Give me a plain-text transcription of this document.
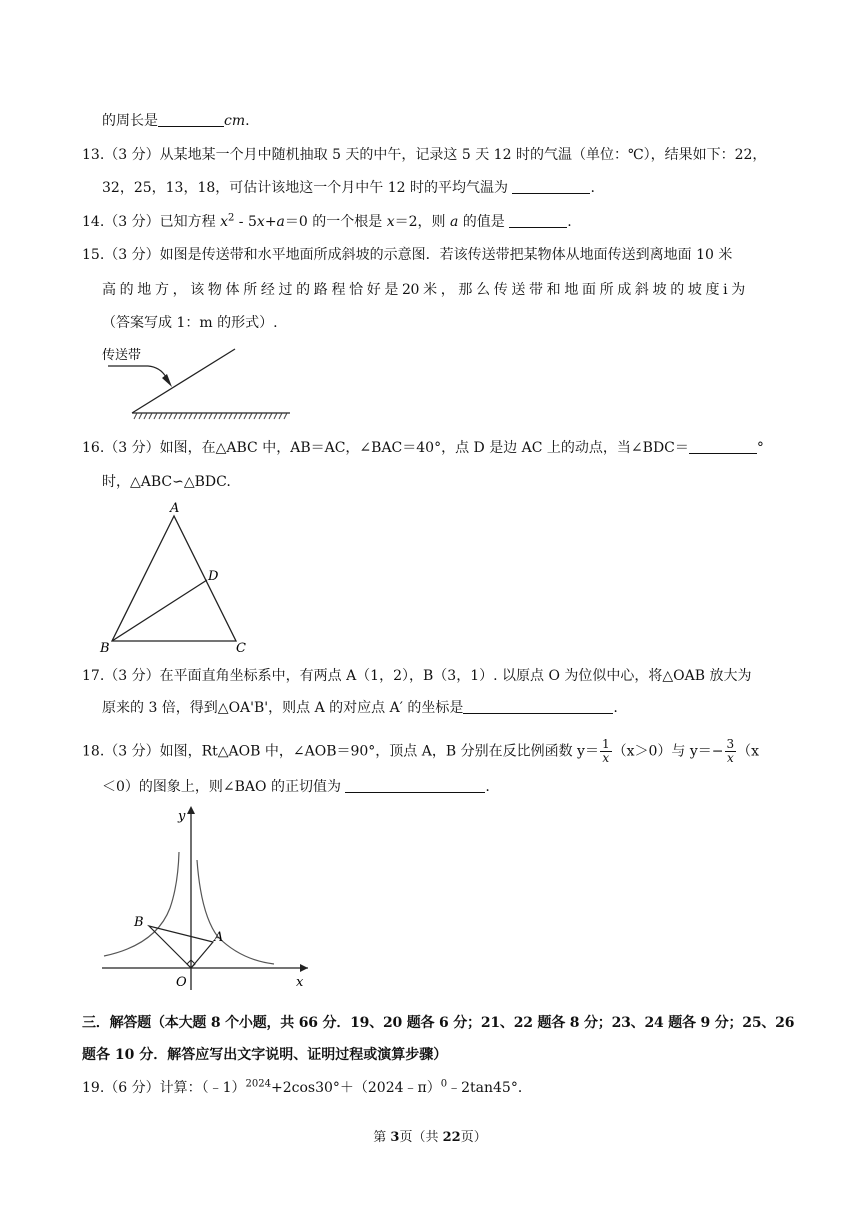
的周长是	cm.
13.（3 分）从某地某一个月中随机抽取 5 天的中午，记录这 5 天 12 时的气温（单位：℃），结果如下：22，
32，25，13，18，可估计该地这一个月中午 12 时的平均气温为	.
14.（3 分）已知方程 $x^2 - 5x+a=0$ 的一个根是 x＝2，则 a 的值是	.
15.（3 分）如图是传送带和水平地面所成斜坡的示意图．若该传送带把某物体从地面传送到离地面 10 米
高 的 地 方 ， 该 物 体 所 经 过 的 路 程 恰 好 是 20 米 ， 那 么 传 送 带 和 地 面 所 成 斜 坡 的 坡 度 i 为
（答案写成 1：m 的形式）.
传送带
16.（3 分）如图，在△ABC 中，AB＝AC，∠BAC＝40°，点 D 是边 AC 上的动点，当∠BDC＝	°
时，△ABC∽△BDC.
A
B	C
D
17.（3 分）在平面直角坐标系中，有两点 A（1，2），B（3，1）. 以原点 O 为位似中心，将△OAB 放大为
原来的 3 倍，得到△OA'B'，则点 A 的对应点 A′ 的坐标是	.
18.（3 分）如图，Rt△AOB 中，∠AOB＝90°，顶点 A，B 分别在反比例函数 $y= \frac{1}{x} (x>0)$与 $y=- \frac{3}{x} (x$
＜0）的图象上，则∠BAO 的正切值为	.
y
x
O
A
B
三．解答题（本大题 8 个小题，共 66 分．19、20 题各 6 分；21、22 题各 8 分；23、24 题各 9 分；25、26
题各 10 分．解答应写出文字说明、证明过程或演算步骤）
19.（6 分）计算：（﹣1）$^{2024}$+2cos30°＋（2024﹣π）$^0$﹣2tan45°．
第 3页（共 22页）
